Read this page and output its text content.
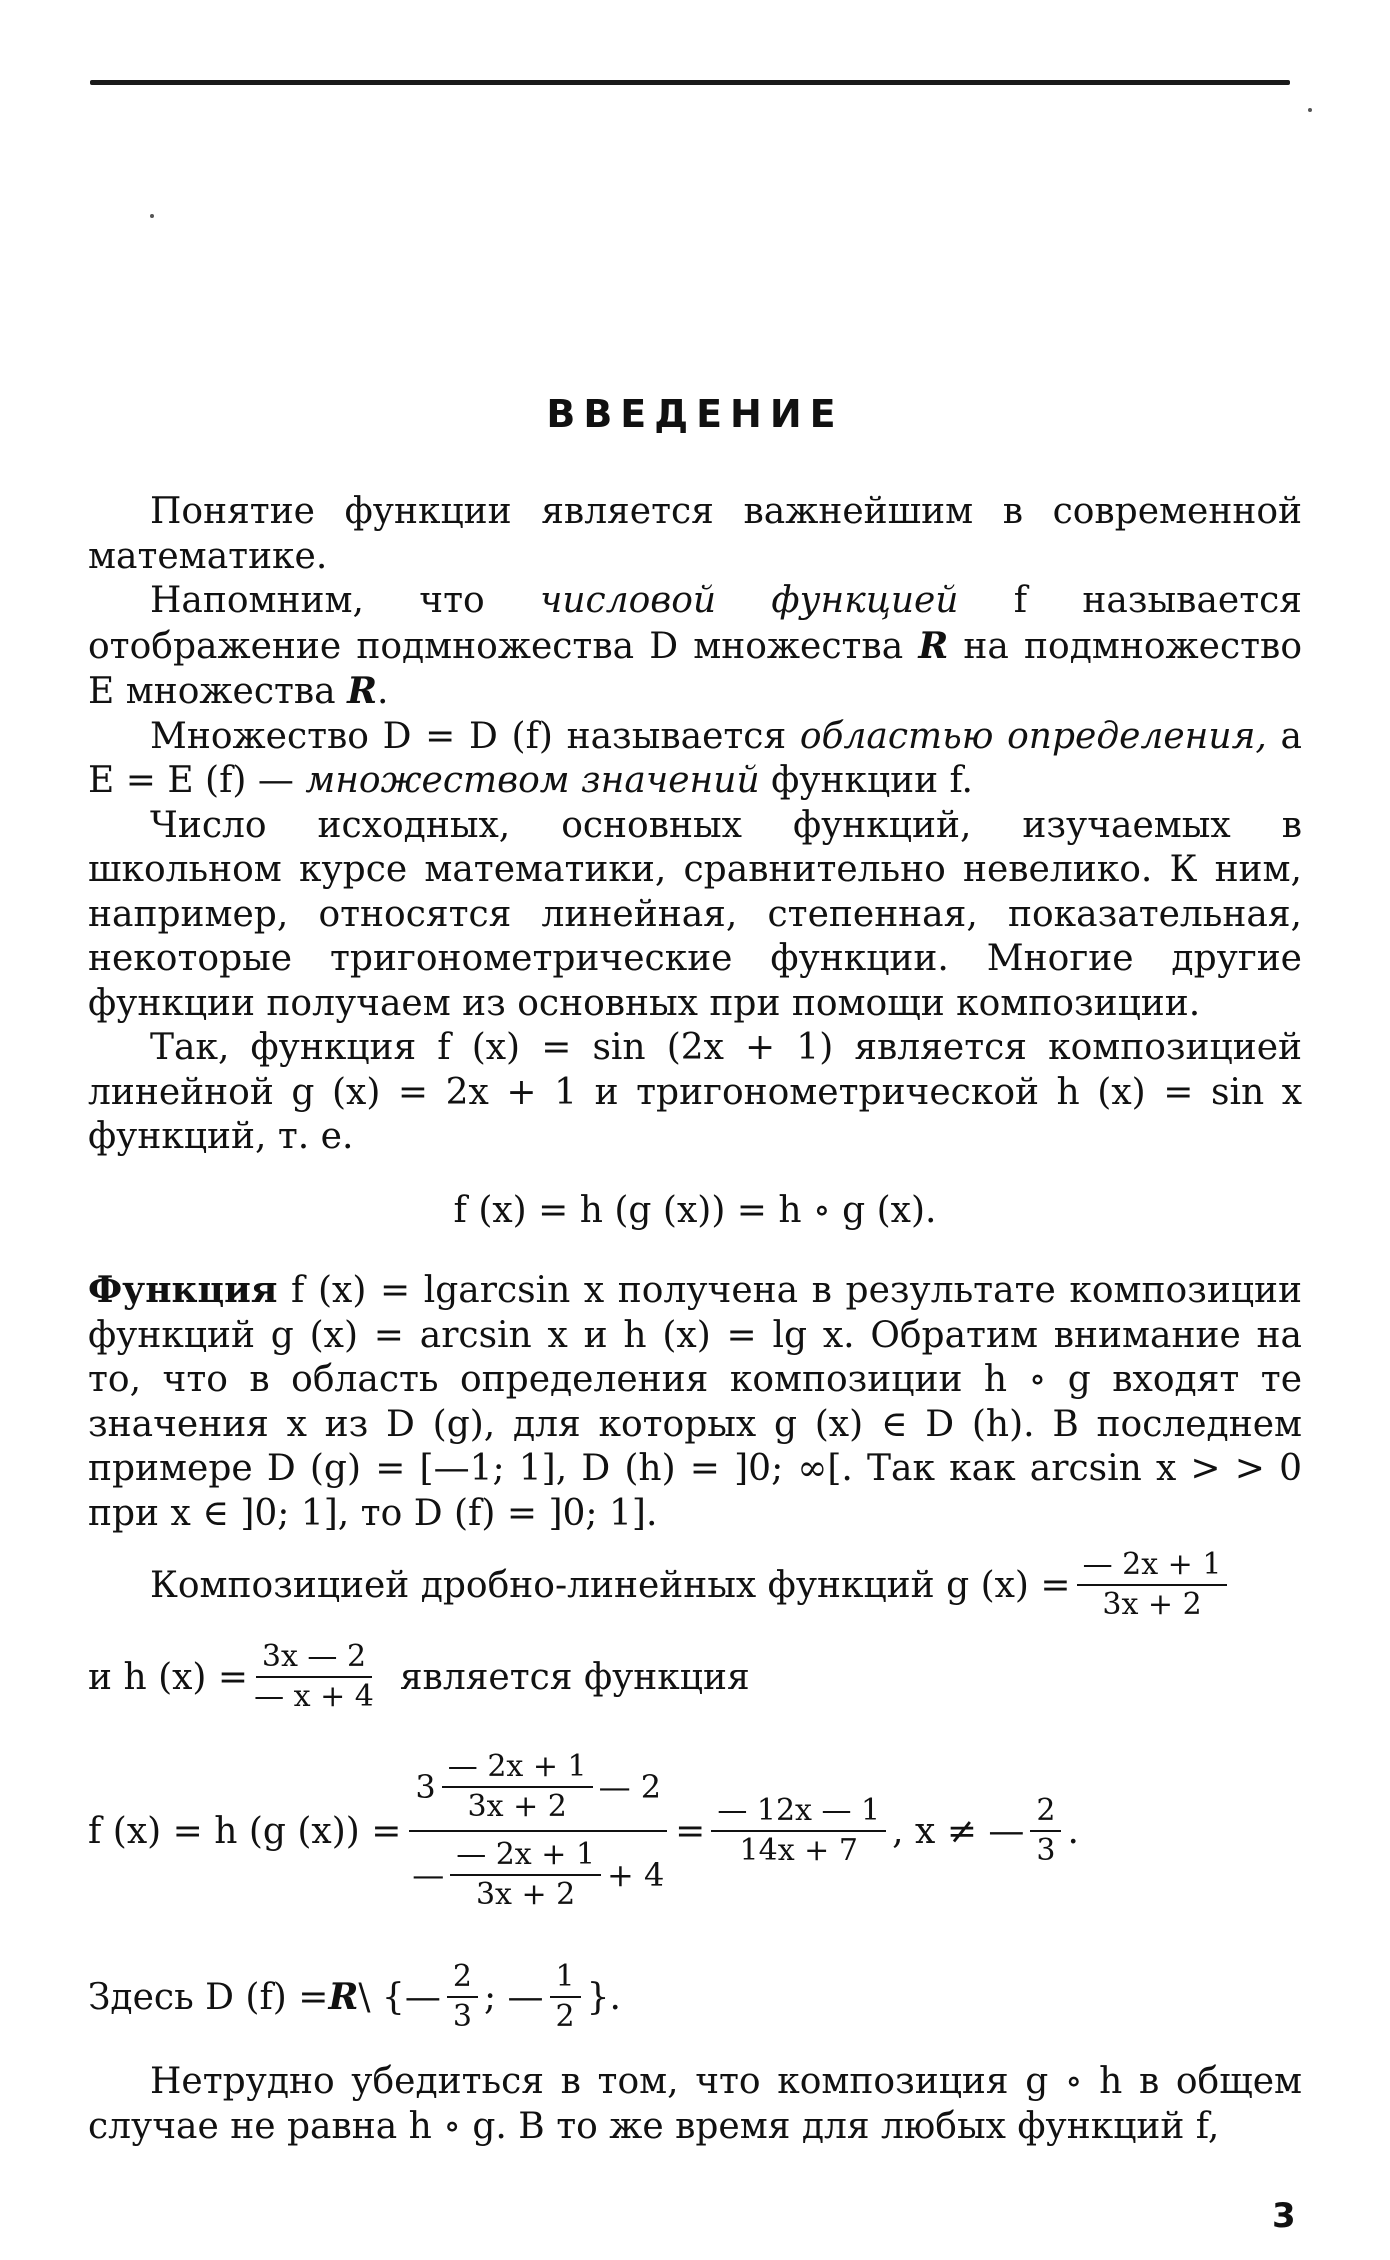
ВВЕДЕНИЕ

Понятие функции является важнейшим в современной математике.

Напомним, что числовой функцией f называется отображение подмножества D множества R на подмножество E множества R.

Множество D = D (f) называется областью определения, а E = E (f) — множеством значений функции f.

Число исходных, основных функций, изучаемых в школьном курсе математики, сравнительно невелико. К ним, например, относятся линейная, степенная, показательная, некоторые тригонометрические функции. Многие другие функции получаем из основных при помощи композиции.

Так, функция f (x) = sin (2x + 1) является композицией линейной g (x) = 2x + 1 и тригонометрической h (x) = sin x функций, т. е.

f (x) = h (g (x)) = h ∘ g (x).

Функция f (x) = lgarcsin x получена в результате композиции функций g (x) = arcsin x и h (x) = lg x. Обратим внимание на то, что в область определения композиции h ∘ g входят те значения x из D (g), для которых g (x) ∈ D (h). В последнем примере D (g) = [—1; 1], D (h) = ]0; ∞[. Так как arcsin x > > 0 при x ∈ ]0; 1], то D (f) = ]0; 1].

Композицией дробно-линейных функций g $(x) = \frac{— 2x + 1}{3x + 2}$
и h $(x) = \frac{3x — 2}{— x + 4}$ является функция
f (x) = h (g $(x)) = \frac{3 \frac{— 2x + 1}{3x + 2} — 2}{— \frac{— 2x + 1}{3x + 2} + 4} = \frac{— 12x — 1}{14x + 7}$ , x ≠ — $\frac{2}{3}$ .
Здесь D (f) = R \ {— $\frac{2}{3}$ ; — $\frac{1}{2}$ }.

Нетрудно убедиться в том, что композиция g ∘ h в общем случае не равна h ∘ g. В то же время для любых функций f,

3
